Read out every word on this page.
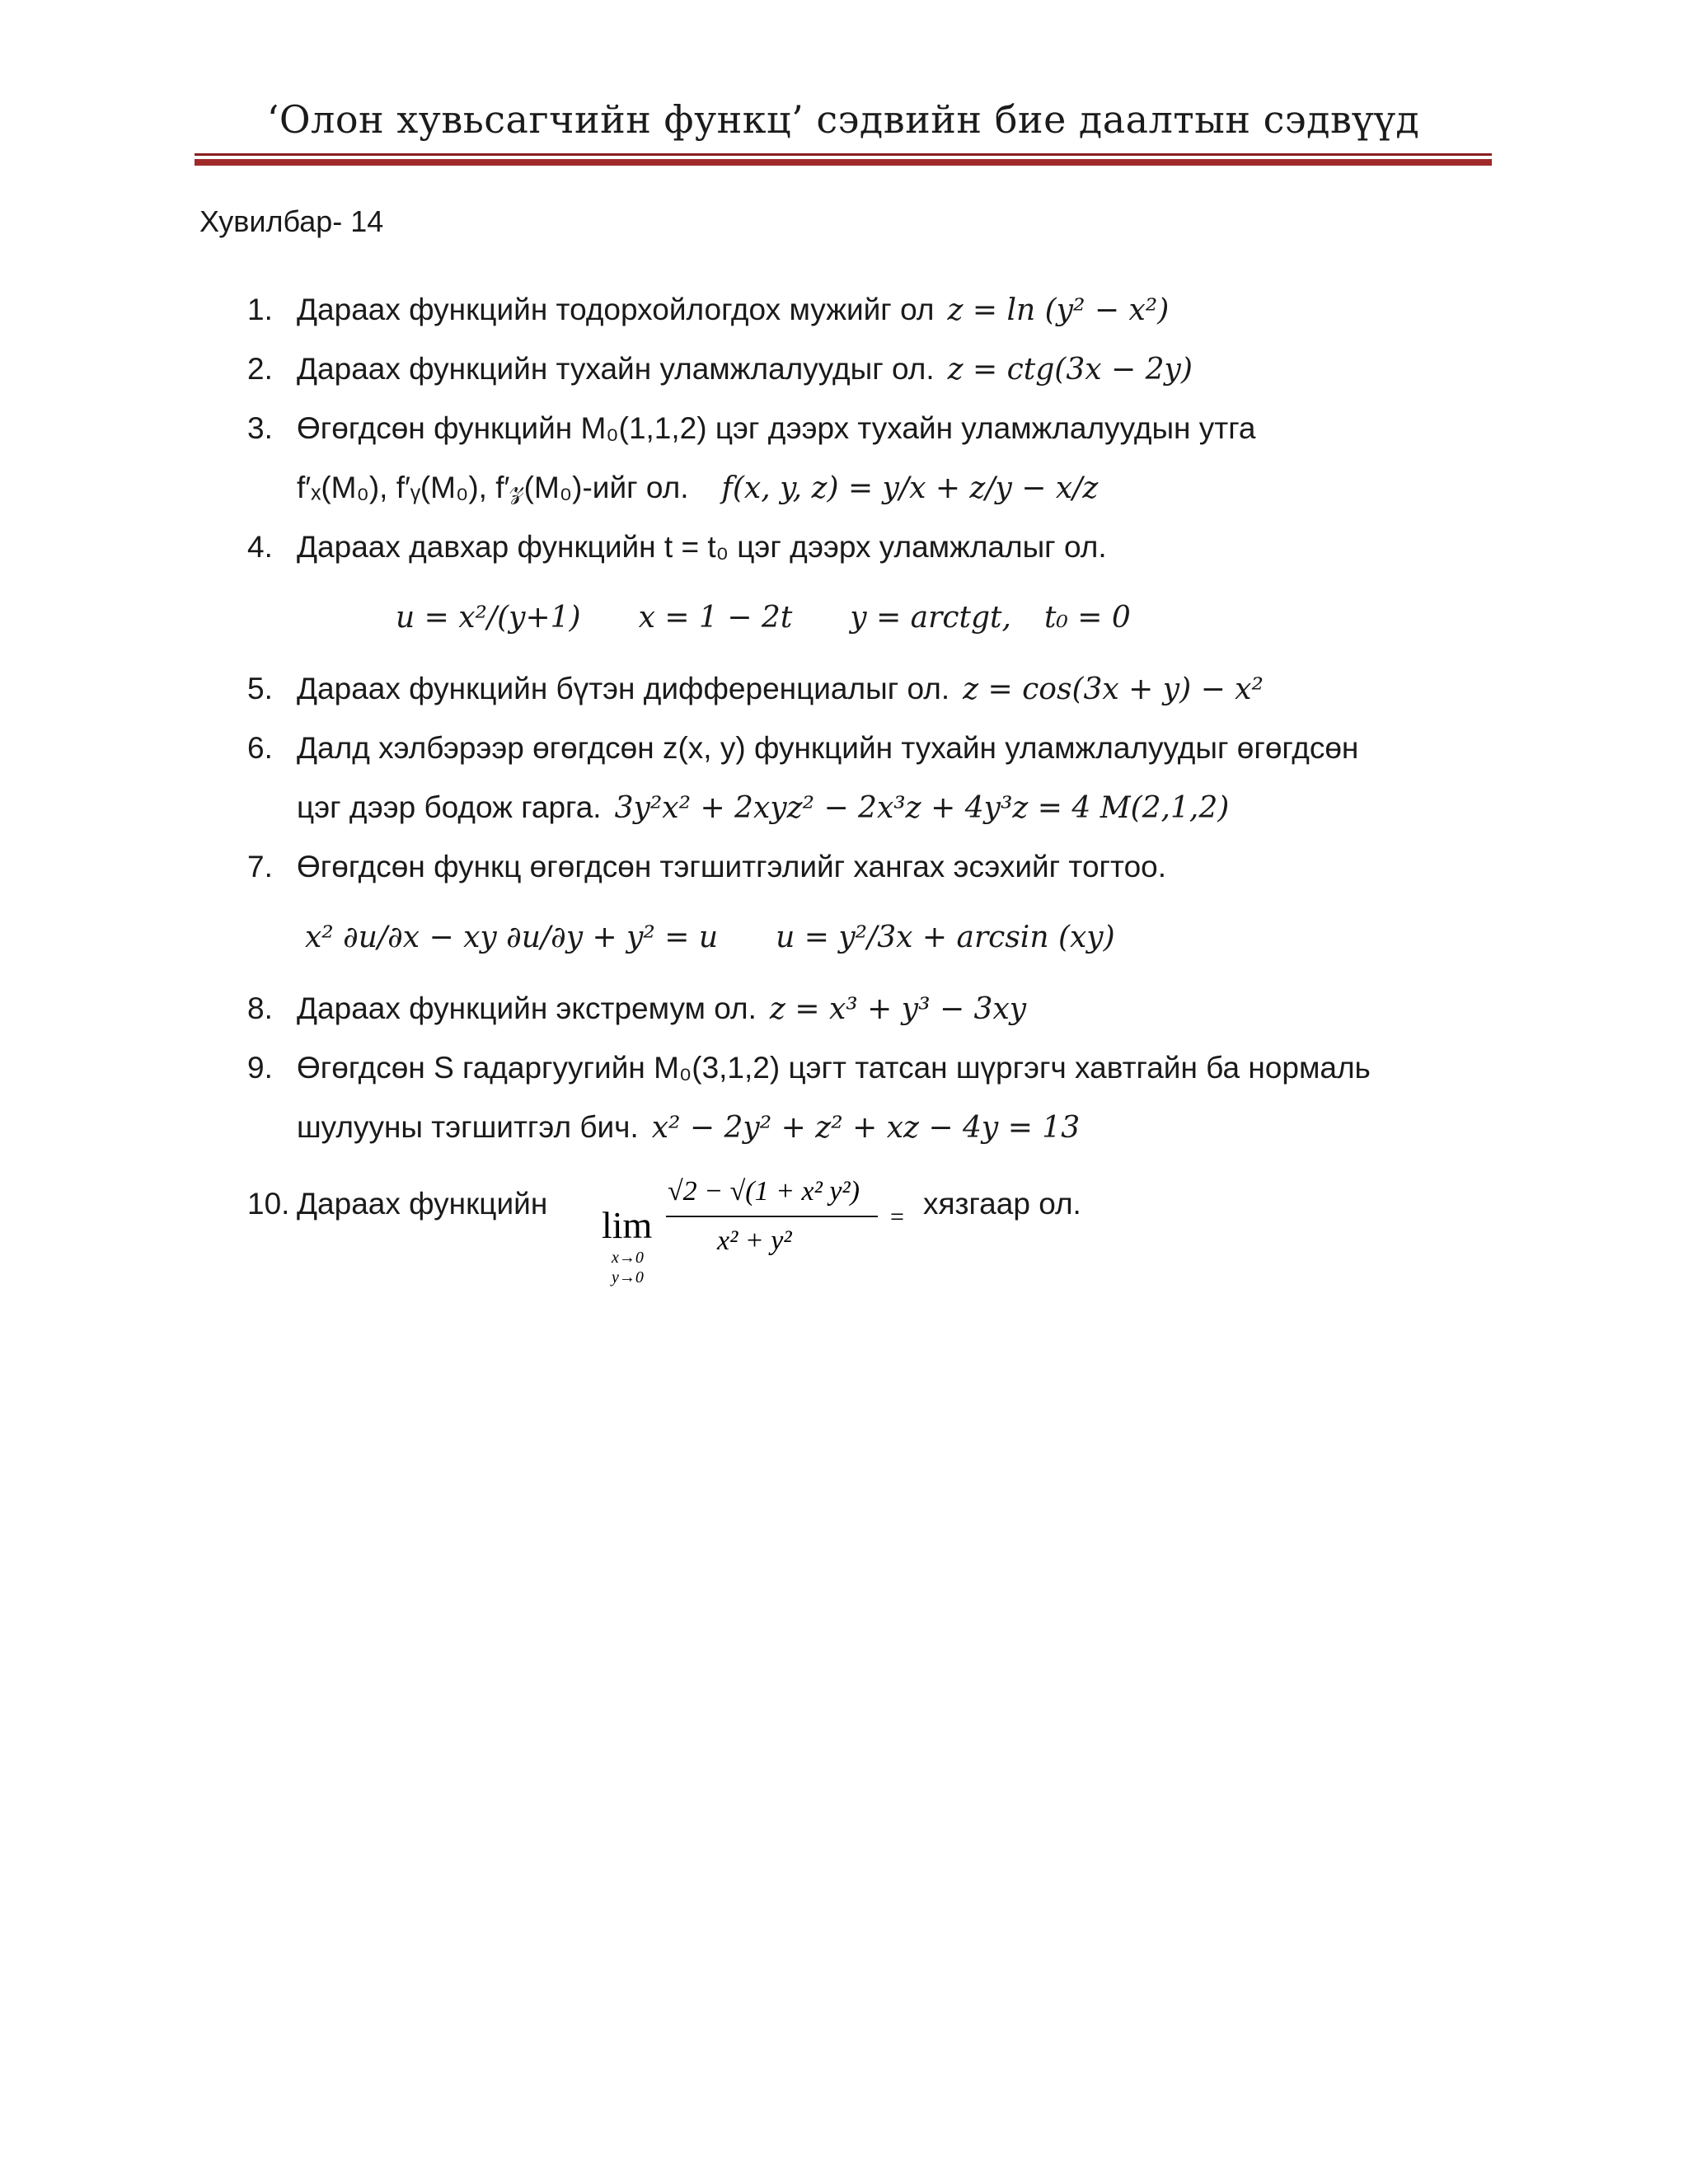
‘Олон хувьсагчийн функц’ сэдвийн бие даалтын сэдвүүд
Хувилбар- 14
1. Дараах функцийн тодорхойлогдох мужийг ол z = ln (y² − x²)
2. Дараах функцийн тухайн уламжлалуудыг ол. z = ctg(3x − 2y)
3. Өгөгдсөн функцийн M₀(1,1,2) цэг дээрх тухайн уламжлалуудын утга
f′ₓ(M₀), f′ᵧ(M₀), f′𝓏(M₀)-ийг ол. f(x, y, z) = y/x + z/y − x/z
4. Дараах давхар функцийн t = t₀ цэг дээрх уламжлалыг ол.
u = x²/(y+1) x = 1 − 2t y = arctgt, t₀ = 0
5. Дараах функцийн бүтэн дифференциалыг ол. z = cos(3x + y) − x²
6. Далд хэлбэрээр өгөгдсөн z(x, y) функцийн тухайн уламжлалуудыг өгөгдсөн
цэг дээр бодож гарга. 3y²x² + 2xyz² − 2x³z + 4y³z = 4 M(2,1,2)
7. Өгөгдсөн функц өгөгдсөн тэгшитгэлийг хангах эсэхийг тогтоо.
x² ∂u/∂x − xy ∂u/∂y + y² = u u = y²/3x + arcsin (xy)
8. Дараах функцийн экстремум ол. z = x³ + y³ − 3xy
9. Өгөгдсөн S гадаргуугийн M₀(3,1,2) цэгт татсан шүргэгч хавтгайн ба нормаль
шулууны тэгшитгэл бич. x² − 2y² + z² + xz − 4y = 13
10. Дараах функцийн
lim
x→0
y→0
√2 − √(1 + x² y²)
x² + y²
= хязгаар ол.
